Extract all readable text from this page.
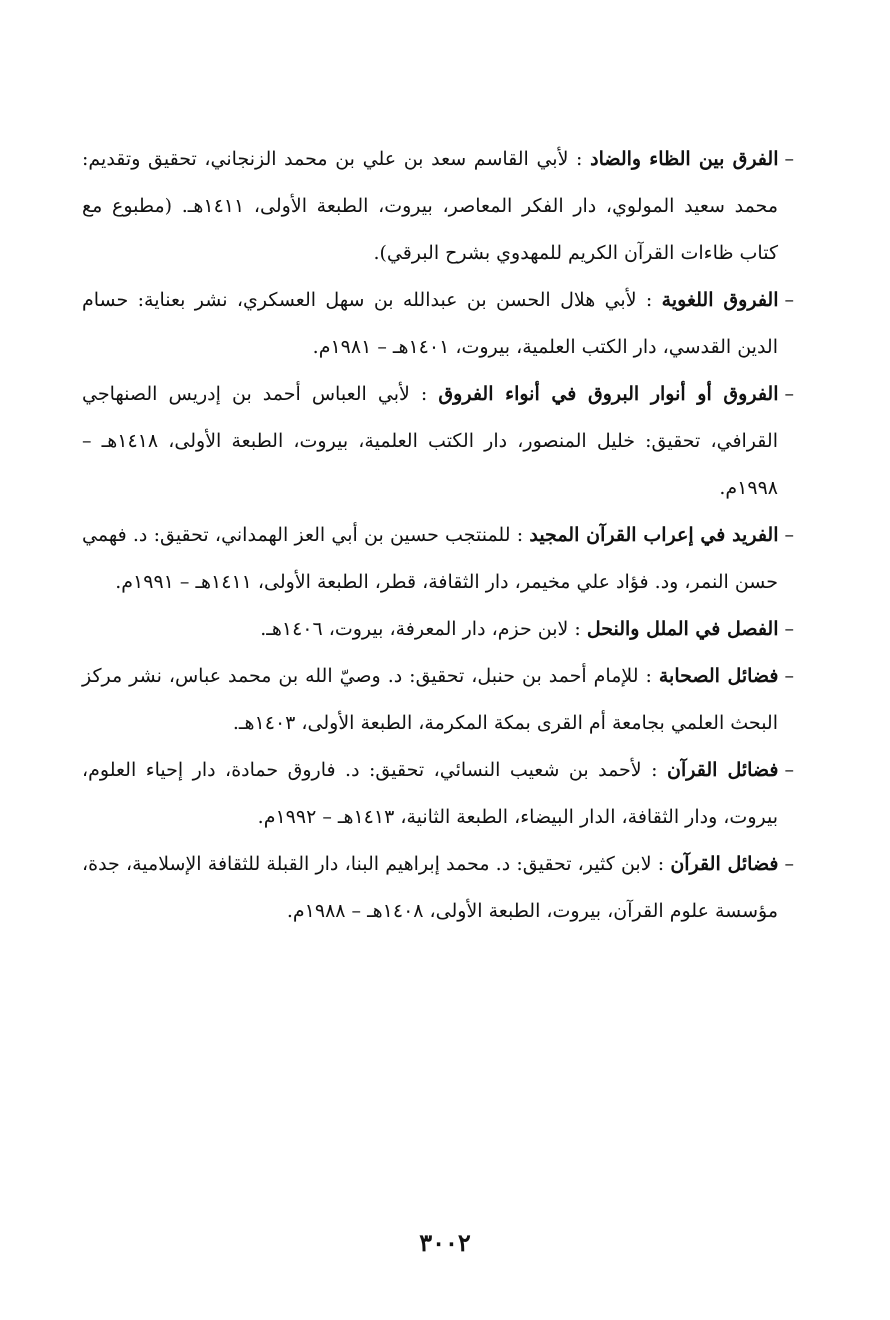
–الفرق بين الظاء والضاد : لأبي القاسم سعد بن علي بن محمد الزنجاني، تحقيق وتقديم: محمد سعيد المولوي، دار الفكر المعاصر، بيروت، الطبعة الأولى، ١٤١١هـ. (مطبوع مع كتاب ظاءات القرآن الكريم للمهدوي بشرح البرقي).

–الفروق اللغوية : لأبي هلال الحسن بن عبدالله بن سهل العسكري، نشر بعناية: حسام الدين القدسي، دار الكتب العلمية، بيروت، ١٤٠١هـ – ١٩٨١م.

–الفروق أو أنوار البروق في أنواء الفروق : لأبي العباس أحمد بن إدريس الصنهاجي القرافي، تحقيق: خليل المنصور، دار الكتب العلمية، بيروت، الطبعة الأولى، ١٤١٨هـ – ١٩٩٨م.

–الفريد في إعراب القرآن المجيد : للمنتجب حسين بن أبي العز الهمداني، تحقيق: د. فهمي حسن النمر، ود. فؤاد علي مخيمر، دار الثقافة، قطر، الطبعة الأولى، ١٤١١هـ – ١٩٩١م.

–الفصل في الملل والنحل : لابن حزم، دار المعرفة، بيروت، ١٤٠٦هـ.

–فضائل الصحابة : للإمام أحمد بن حنبل، تحقيق: د. وصيّ الله بن محمد عباس، نشر مركز البحث العلمي بجامعة أم القرى بمكة المكرمة، الطبعة الأولى، ١٤٠٣هـ.

–فضائل القرآن : لأحمد بن شعيب النسائي، تحقيق: د. فاروق حمادة، دار إحياء العلوم، بيروت، ودار الثقافة، الدار البيضاء، الطبعة الثانية، ١٤١٣هـ – ١٩٩٢م.

–فضائل القرآن : لابن كثير، تحقيق: د. محمد إبراهيم البنا، دار القبلة للثقافة الإسلامية، جدة، مؤسسة علوم القرآن، بيروت، الطبعة الأولى، ١٤٠٨هـ – ١٩٨٨م.

٣٠٠٢
